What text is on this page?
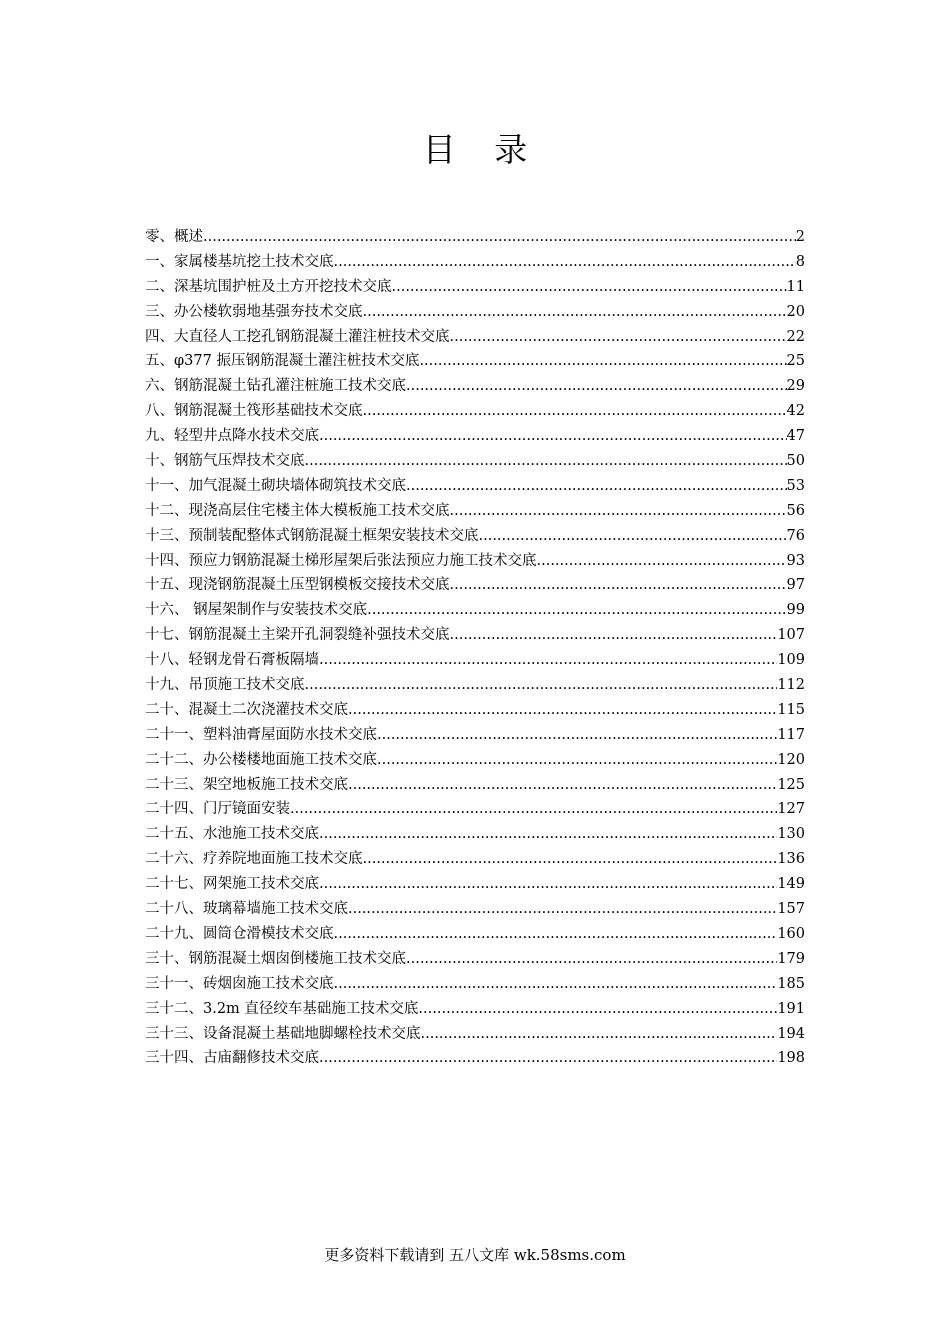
目 录
零、概述 .....	2
一、家属楼基坑挖土技术交底 .....	8
二、深基坑围护桩及土方开挖技术交底 .....	11
三、办公楼软弱地基强夯技术交底 .....	20
四、大直径人工挖孔钢筋混凝土灌注桩技术交底 .....	22
五、φ377 振压钢筋混凝土灌注桩技术交底 .....	25
六、钢筋混凝土钻孔灌注桩施工技术交底 .....	29
八、钢筋混凝土筏形基础技术交底 .....	42
九、轻型井点降水技术交底 .....	47
十、钢筋气压焊技术交底 .....	50
十一、加气混凝土砌块墙体砌筑技术交底 .....	53
十二、现浇高层住宅楼主体大模板施工技术交底 .....	56
十三、预制装配整体式钢筋混凝土框架安装技术交底 .....	76
十四、预应力钢筋混凝土梯形屋架后张法预应力施工技术交底 .....	93
十五、现浇钢筋混凝土压型钢模板交接技术交底 .....	97
十六、 钢屋架制作与安装技术交底 .....	99
十七、钢筋混凝土主梁开孔洞裂缝补强技术交底 .....	107
十八、轻钢龙骨石膏板隔墙 .....	109
十九、吊顶施工技术交底 .....	112
二十、混凝土二次浇灌技术交底 .....	115
二十一、塑料油膏屋面防水技术交底 .....	117
二十二、办公楼楼地面施工技术交底 .....	120
二十三、架空地板施工技术交底 .....	125
二十四、门厅镜面安装 .....	127
二十五、水池施工技术交底 .....	130
二十六、疗养院地面施工技术交底 .....	136
二十七、网架施工技术交底 .....	149
二十八、玻璃幕墙施工技术交底 .....	157
二十九、圆筒仓滑模技术交底 .....	160
三十、钢筋混凝土烟囱倒楼施工技术交底 .....	179
三十一、砖烟囱施工技术交底 .....	185
三十二、3.2m 直径绞车基础施工技术交底 .....	191
三十三、设备混凝土基础地脚螺栓技术交底 .....	194
三十四、古庙翻修技术交底 .....	198
更多资料下载请到 五八文库 wk.58sms.com
